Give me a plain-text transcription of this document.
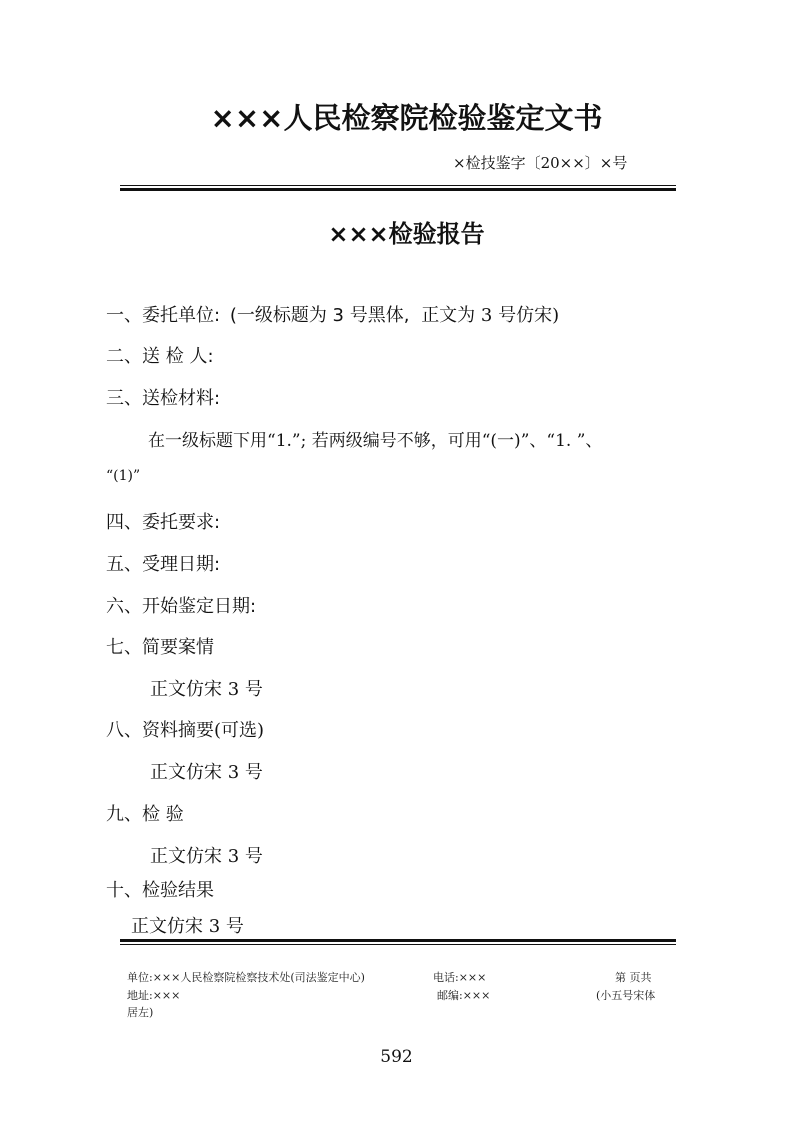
×××人民检察院检验鉴定文书
×检技鉴字〔20××〕×号
×××检验报告
一、委托单位: (一级标题为 3 号黑体, 正文为 3 号仿宋)
二、送 检 人:
三、送检材料:
在一级标题下用“1.”; 若两级编号不够，可用“(一)”、“1. ”、
“(1)”
四、委托要求:
五、受理日期:
六、开始鉴定日期:
七、简要案情
正文仿宋 3 号
八、资料摘要(可选)
正文仿宋 3 号
九、检 验
正文仿宋 3 号
十、检验结果
正文仿宋 3 号
单位:×××人民检察院检察技术处(司法鉴定中心)	电话:×××	第 页共
地址:×××	邮编:×××	(小五号宋体
居左)
592
